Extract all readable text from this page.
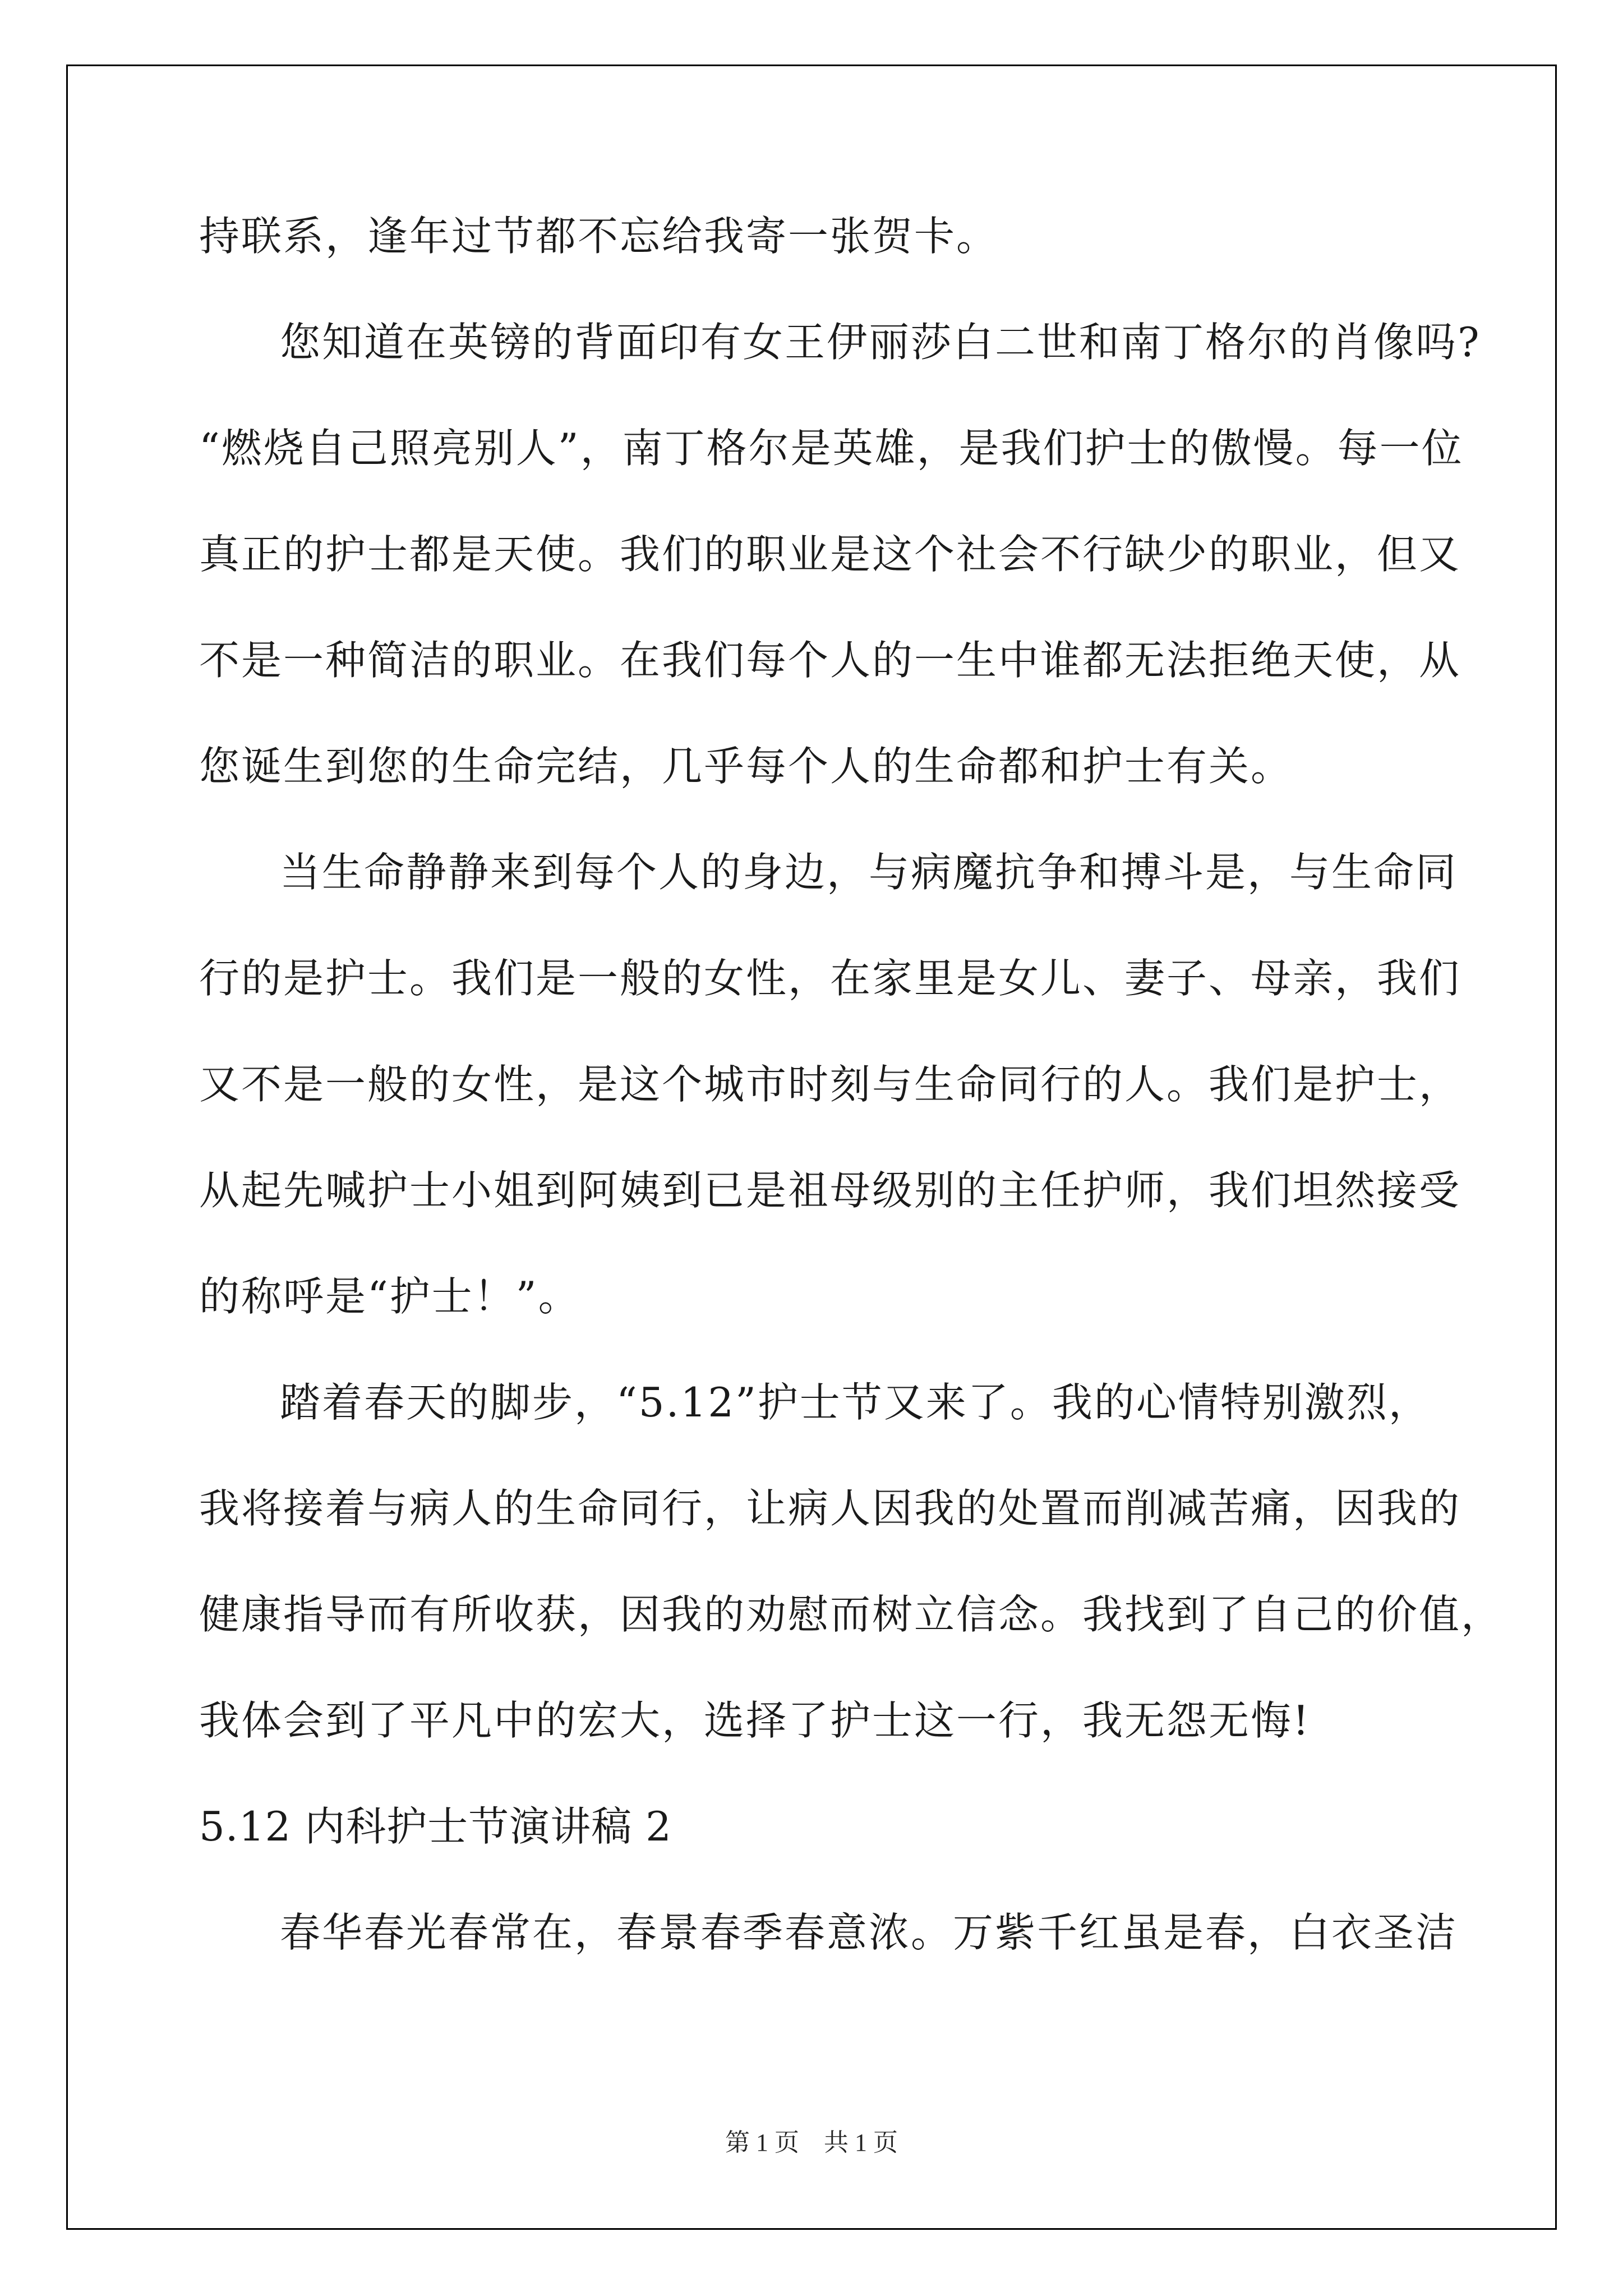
持联系，逢年过节都不忘给我寄一张贺卡。
您知道在英镑的背面印有女王伊丽莎白二世和南丁格尔的肖像吗?
“燃烧自己照亮别人”，南丁格尔是英雄，是我们护士的傲慢。每一位
真正的护士都是天使。我们的职业是这个社会不行缺少的职业，但又
不是一种简洁的职业。在我们每个人的一生中谁都无法拒绝天使，从
您诞生到您的生命完结，几乎每个人的生命都和护士有关。
当生命静静来到每个人的身边，与病魔抗争和搏斗是，与生命同
行的是护士。我们是一般的女性，在家里是女儿、妻子、母亲，我们
又不是一般的女性，是这个城市时刻与生命同行的人。我们是护士，
从起先喊护士小姐到阿姨到已是祖母级别的主任护师，我们坦然接受
的称呼是“护士！”。
踏着春天的脚步，“5.12”护士节又来了。我的心情特别激烈，
我将接着与病人的生命同行，让病人因我的处置而削减苦痛，因我的
健康指导而有所收获，因我的劝慰而树立信念。我找到了自己的价值，
我体会到了平凡中的宏大，选择了护士这一行，我无怨无悔!
5.12 内科护士节演讲稿 2
春华春光春常在，春景春季春意浓。万紫千红虽是春，白衣圣洁
第 1 页　共 1 页
